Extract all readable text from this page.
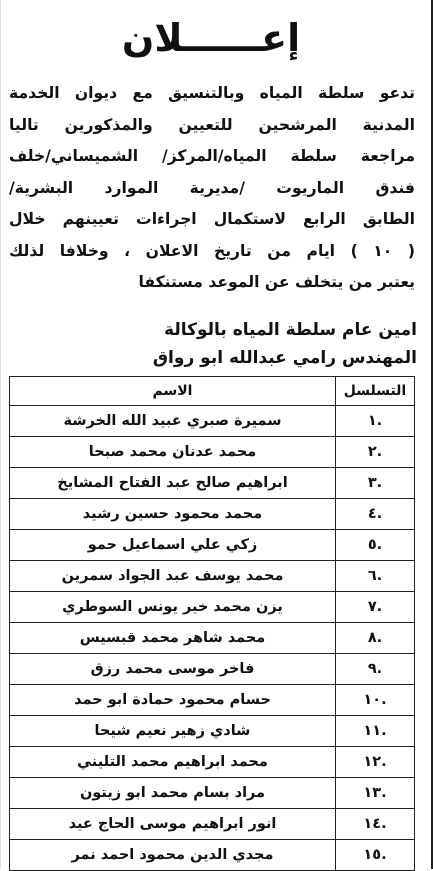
إعــــــلان
تدعو سلطة المياه وبالتنسيق مع ديوان الخدمة
المدنية المرشحين للتعيين والمذكورين تاليا
مراجعة سلطة المياه/المركز/ الشميساني/خلف
فندق الماريوت /مديرية الموارد البشرية/
الطابق الرابع لاستكمال اجراءات تعيينهم خلال
( ١٠ ) ايام من تاريخ الاعلان ، وخلافا لذلك
يعتبر من يتخلف عن الموعد مستنكفا
امين عام سلطة المياه بالوكالة
المهندس رامي عبدالله ابو رواق
التسلسل	الاسم
.١	سميرة صبري عبيد الله الخرشة
.٢	محمد عدنان محمد صبحا
.٣	ابراهيم صالح عبد الفتاح المشايخ
.٤	محمد محمود حسين رشيد
.٥	زكي علي اسماعيل حمو
.٦	محمد يوسف عبد الجواد سمرين
.٧	يزن محمد خير يونس السوطري
.٨	محمد شاهر محمد قبسيس
.٩	فاخر موسى محمد رزق
.١٠	حسام محمود حمادة ابو حمد
.١١	شادي زهير نعيم شيحا
.١٢	محمد ابراهيم محمد التليني
.١٣	مراد بسام محمد ابو زيتون
.١٤	انور ابراهيم موسى الحاج عيد
.١٥	مجدي الدين محمود احمد نمر
